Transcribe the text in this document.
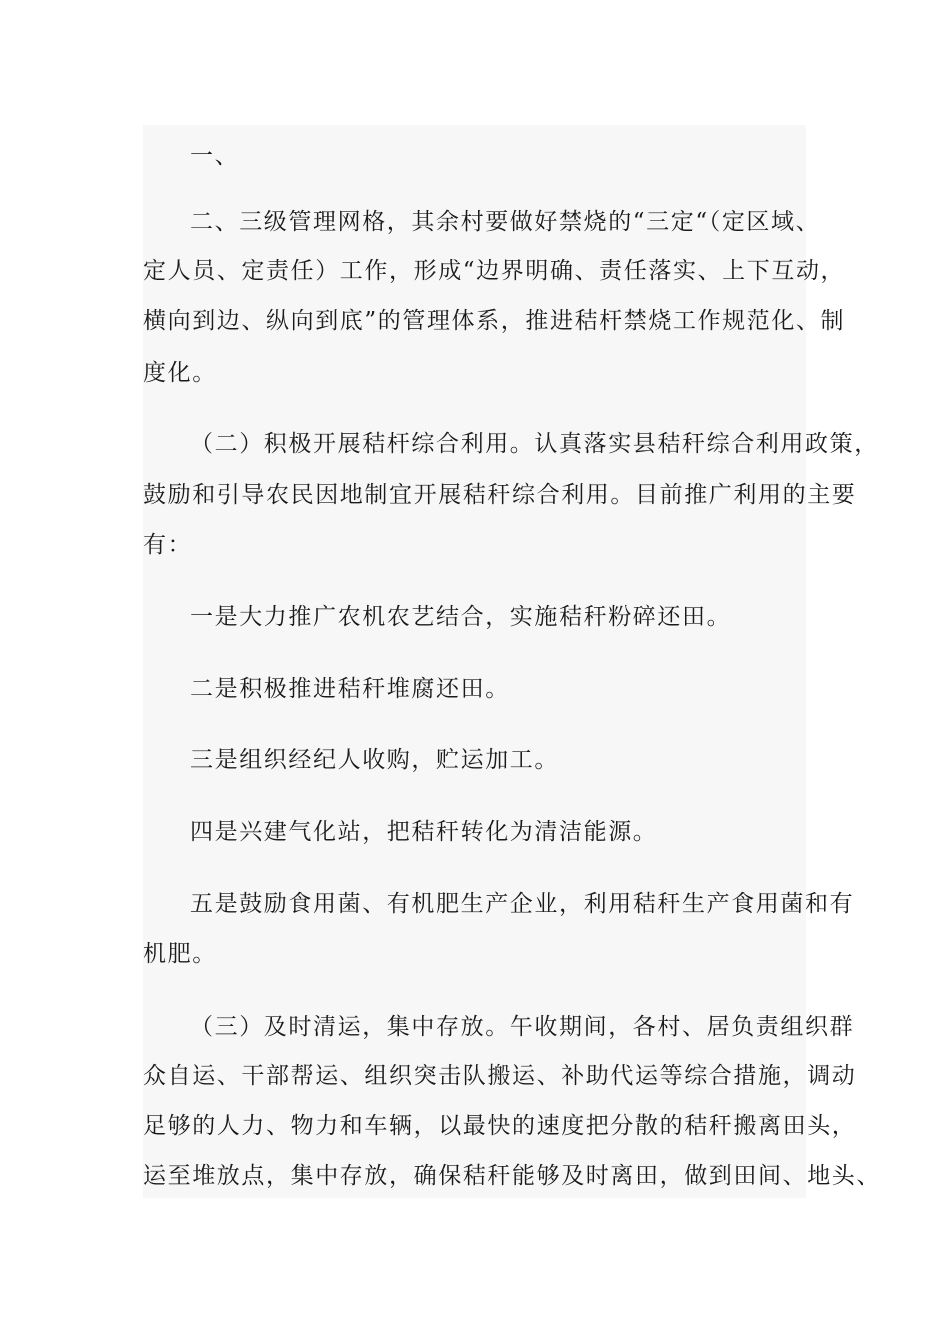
一、
二、三级管理网格，其余村要做好禁烧的“三定“（定区域、
定人员、定责任）工作，形成“边界明确、责任落实、上下互动，
横向到边、纵向到底”的管理体系，推进秸杆禁烧工作规范化、制
度化。
（二）积极开展秸杆综合利用。认真落实县秸秆综合利用政策，
鼓励和引导农民因地制宜开展秸秆综合利用。目前推广利用的主要
有：
一是大力推广农机农艺结合，实施秸秆粉碎还田。
二是积极推进秸秆堆腐还田。
三是组织经纪人收购，贮运加工。
四是兴建气化站，把秸秆转化为清洁能源。
五是鼓励食用菌、有机肥生产企业，利用秸秆生产食用菌和有
机肥。
（三）及时清运，集中存放。午收期间，各村、居负责组织群
众自运、干部帮运、组织突击队搬运、补助代运等综合措施，调动
足够的人力、物力和车辆，以最快的速度把分散的秸秆搬离田头，
运至堆放点，集中存放，确保秸秆能够及时离田，做到田间、地头、
